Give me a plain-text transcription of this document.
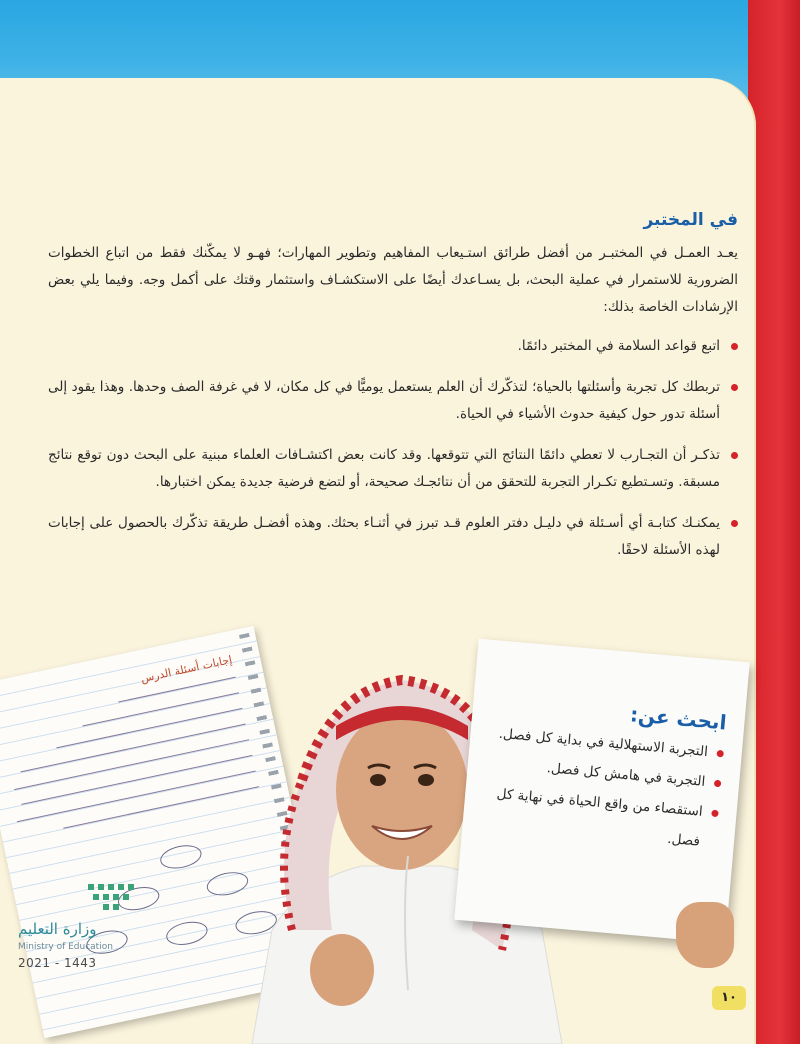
في المختبر

يعـد العمـل في المختبـر من أفضل طرائق استـيعاب المفاهيم وتطوير المهارات؛ فهـو لا يمكّنك فقط من اتباع الخطوات الضرورية للاستمرار في عملية البحث، بل يسـاعدك أيضًا على الاستكشـاف واستثمار وقتك على أكمل وجه. وفيما يلي بعض الإرشادات الخاصة بذلك:

اتبع قواعد السلامة في المختبر دائمًا.
تربطك كل تجربة وأسئلتها بالحياة؛ لتذكّرك أن العلم يستعمل يوميًّا في كل مكان، لا في غرفة الصف وحدها. وهذا يقود إلى أسئلة تدور حول كيفية حدوث الأشياء في الحياة.
تذكـر أن التجـارب لا تعطي دائمًا النتائج التي تتوقعها. وقد كانت بعض اكتشـافات العلماء مبنية على البحث دون توقع نتائج مسبقة. وتسـتطيع تكـرار التجربة للتحقق من أن نتائجـك صحيحة، أو لتضع فرضية جديدة يمكن اختبارها.
يمكنـك كتابـة أي أسـئلة في دليـل دفتر العلوم قـد تبرز في أثنـاء بحثك. وهذه أفضـل طريقة تذكّرك بالحصول على إجابات لهذه الأسئلة لاحقًا.
إجابات أسئلة الدرس
ابحث عن:
التجربة الاستهلالية في بداية كل فصل.
التجربة في هامش كل فصل.
استقصاء من واقع الحياة في نهاية كل فصل.
وزارة التعليم
Ministry of Education
2021 - 1443
١٠
